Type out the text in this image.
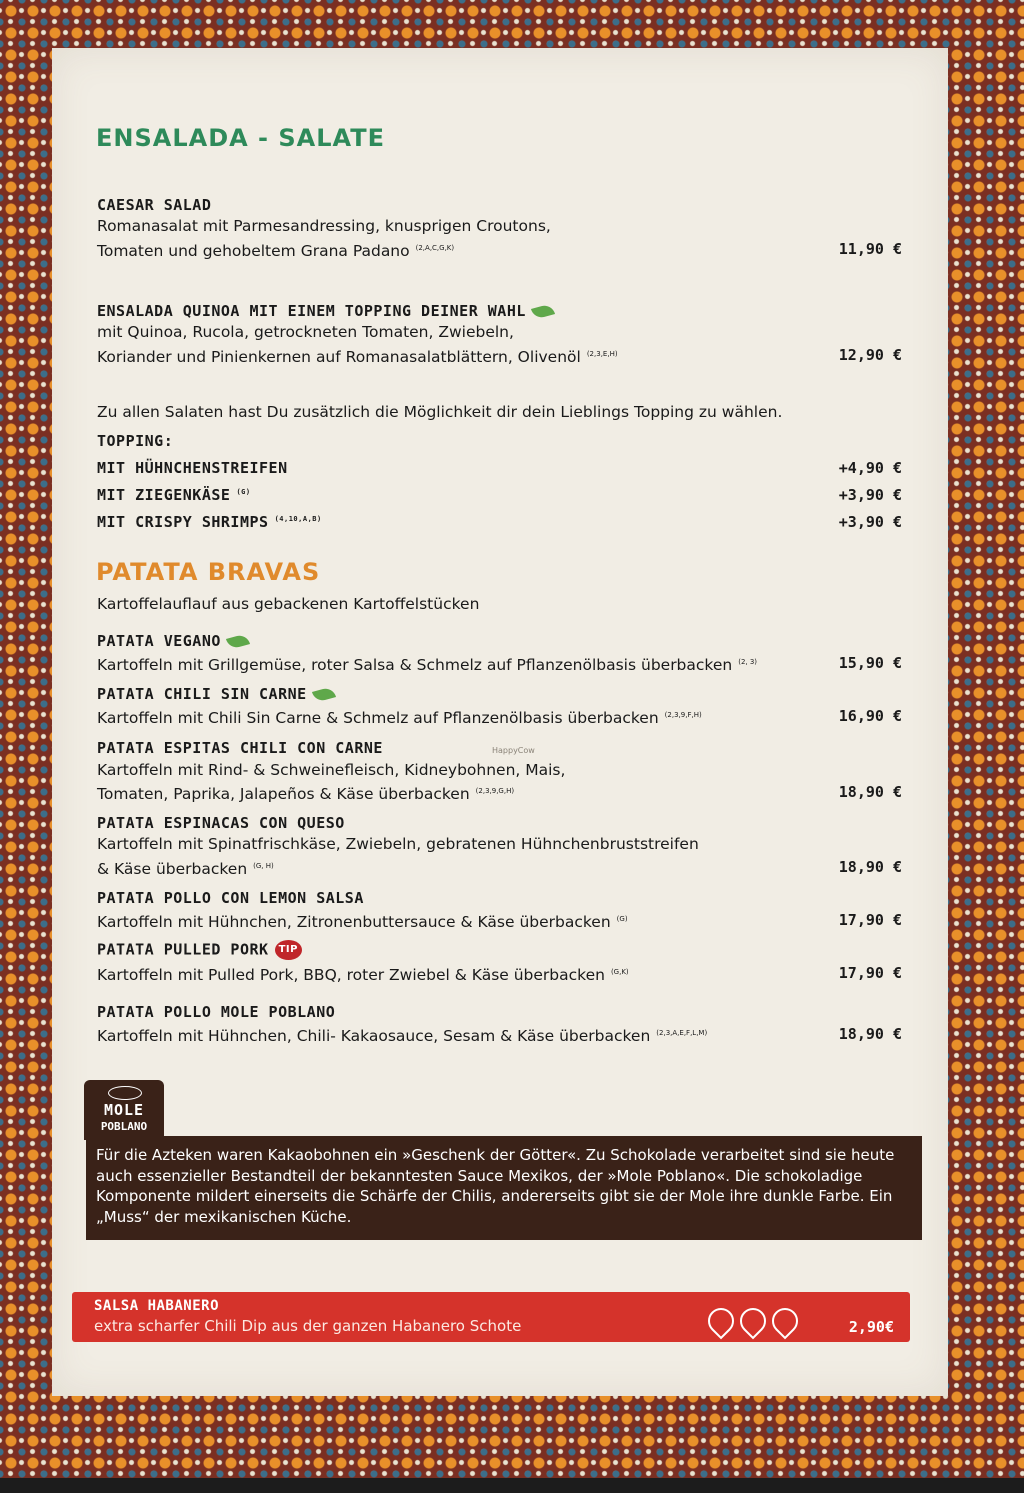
ENSALADA - SALATE
CAESAR SALAD
Romanasalat mit Parmesandressing, knusprigen Croutons,
Tomaten und gehobeltem Grana Padano $^{(2,A,C,G,K)}$	11,90 €
ENSALADA QUINOA MIT EINEM TOPPING DEINER WAHL
mit Quinoa, Rucola, getrockneten Tomaten, Zwiebeln,
Koriander und Pinienkernen auf Romanasalatblättern, Olivenöl $^{(2,3,E,H)}$	12,90 €
Zu allen Salaten hast Du zusätzlich die Möglichkeit dir dein Lieblings Topping zu wählen.
TOPPING:
MIT HÜHNCHENSTREIFEN	+4,90 €
MIT ZIEGENKÄSE $^{(G)}$	+3,90 €
MIT CRISPY SHRIMPS $^{(4,10,A,B)}$	+3,90 €
PATATA BRAVAS
Kartoffelauflauf aus gebackenen Kartoffelstücken
PATATA VEGANO
Kartoffeln mit Grillgemüse, roter Salsa & Schmelz auf Pflanzenölbasis überbacken $^{(2, 3)}$	15,90 €
PATATA CHILI SIN CARNE
Kartoffeln mit Chili Sin Carne & Schmelz auf Pflanzenölbasis überbacken $^{(2,3,9,F,H)}$	16,90 €
PATATA ESPITAS CHILI CON CARNE
Kartoffeln mit Rind- & Schweinefleisch, Kidneybohnen, Mais,
Tomaten, Paprika, Jalapeños & Käse überbacken $^{(2,3,9,G,H)}$	18,90 €
HappyCow
PATATA ESPINACAS CON QUESO
Kartoffeln mit Spinatfrischkäse, Zwiebeln, gebratenen Hühnchenbruststreifen
& Käse überbacken $^{(G, H)}$	18,90 €
PATATA POLLO CON LEMON SALSA
Kartoffeln mit Hühnchen, Zitronenbuttersauce & Käse überbacken $^{(G)}$	17,90 €
PATATA PULLED PORK TIP
Kartoffeln mit Pulled Pork, BBQ, roter Zwiebel & Käse überbacken $^{(G,K)}$	17,90 €
PATATA POLLO MOLE POBLANO
Kartoffeln mit Hühnchen, Chili- Kakaosauce, Sesam & Käse überbacken $^{(2,3,A,E,F,L,M)}$	18,90 €
MOLE
POBLANO
Für die Azteken waren Kakaobohnen ein »Geschenk der Götter«. Zu Schokolade verarbeitet sind sie heute auch essenzieller Bestandteil der bekanntesten Sauce Mexikos, der »Mole Poblano«. Die schokoladige Komponente mildert einerseits die Schärfe der Chilis, andererseits gibt sie der Mole ihre dunkle Farbe. Ein „Muss“ der mexikanischen Küche.
SALSA HABANERO
extra scharfer Chili Dip aus der ganzen Habanero Schote	2,90€
